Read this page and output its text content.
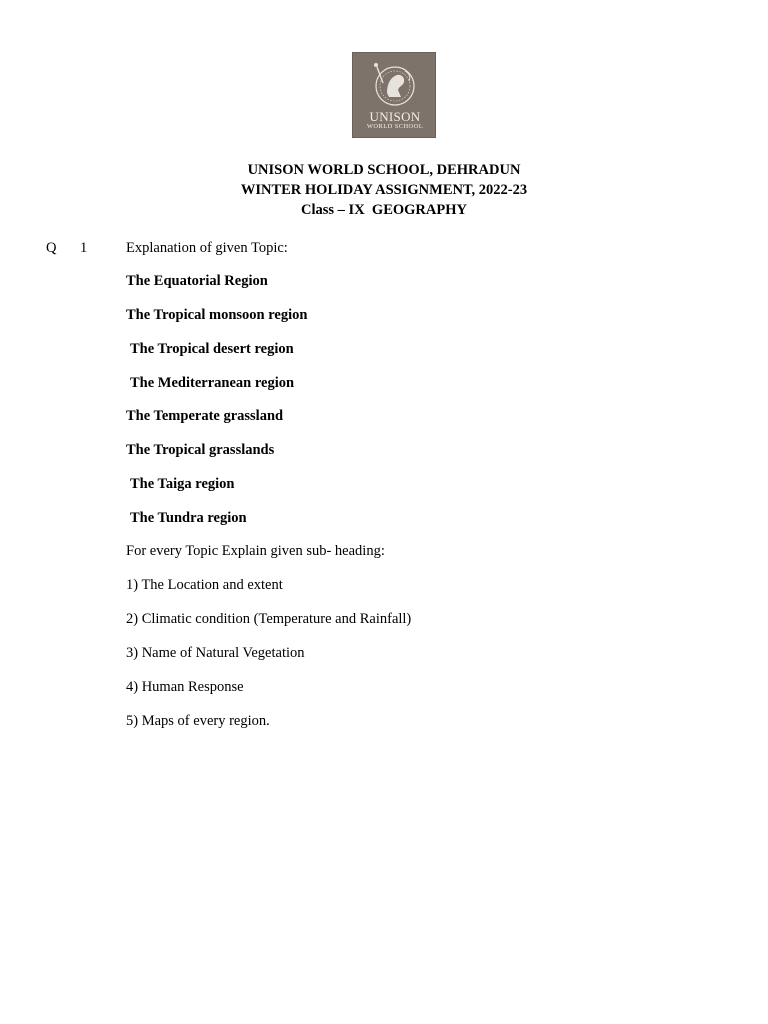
UNISON
WORLD SCHOOL
UNISON WORLD SCHOOL, DEHRADUN
WINTER HOLIDAY ASSIGNMENT, 2022-23
Class – IX  GEOGRAPHY
Q 1	Explanation of given Topic:
The Equatorial Region
The Tropical monsoon region
The Tropical desert region
The Mediterranean region
The Temperate grassland
The Tropical grasslands
The Taiga region
The Tundra region
For every Topic Explain given sub- heading:
1) The Location and extent
2) Climatic condition (Temperature and Rainfall)
3) Name of Natural Vegetation
4) Human Response
5) Maps of every region.
